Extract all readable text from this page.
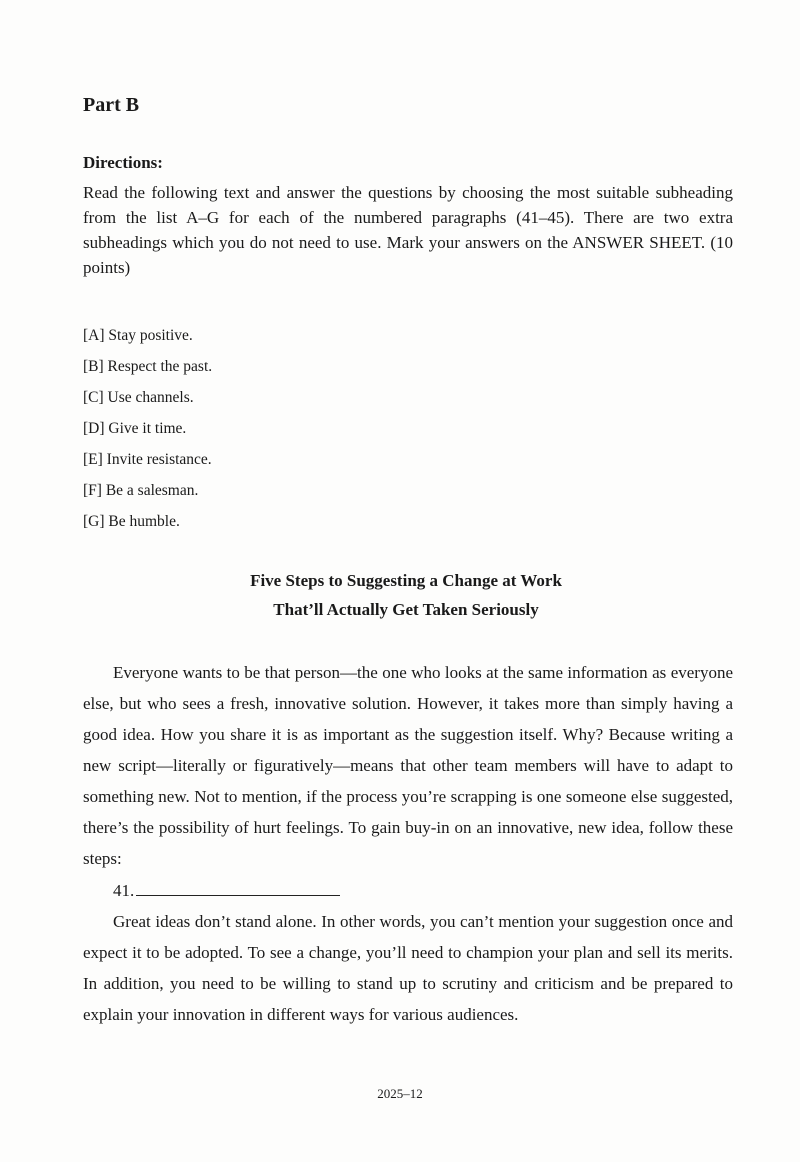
Part B

Directions:

Read the following text and answer the questions by choosing the most suitable subheading from the list A–G for each of the numbered paragraphs (41–45). There are two extra subheadings which you do not need to use. Mark your answers on the ANSWER SHEET. (10 points)

[A] Stay positive.
[B] Respect the past.
[C] Use channels.
[D] Give it time.
[E] Invite resistance.
[F] Be a salesman.
[G] Be humble.
Five Steps to Suggesting a Change at Work
That’ll Actually Get Taken Seriously

Everyone wants to be that person—the one who looks at the same information as everyone else, but who sees a fresh, innovative solution. However, it takes more than simply having a good idea. How you share it is as important as the suggestion itself. Why? Because writing a new script—literally or figuratively—means that other team members will have to adapt to something new. Not to mention, if the process you’re scrapping is one someone else suggested, there’s the possibility of hurt feelings. To gain buy-in on an innovative, new idea, follow these steps:

41.

Great ideas don’t stand alone. In other words, you can’t mention your suggestion once and expect it to be adopted. To see a change, you’ll need to champion your plan and sell its merits. In addition, you need to be willing to stand up to scrutiny and criticism and be prepared to explain your innovation in different ways for various audiences.

2025–12
